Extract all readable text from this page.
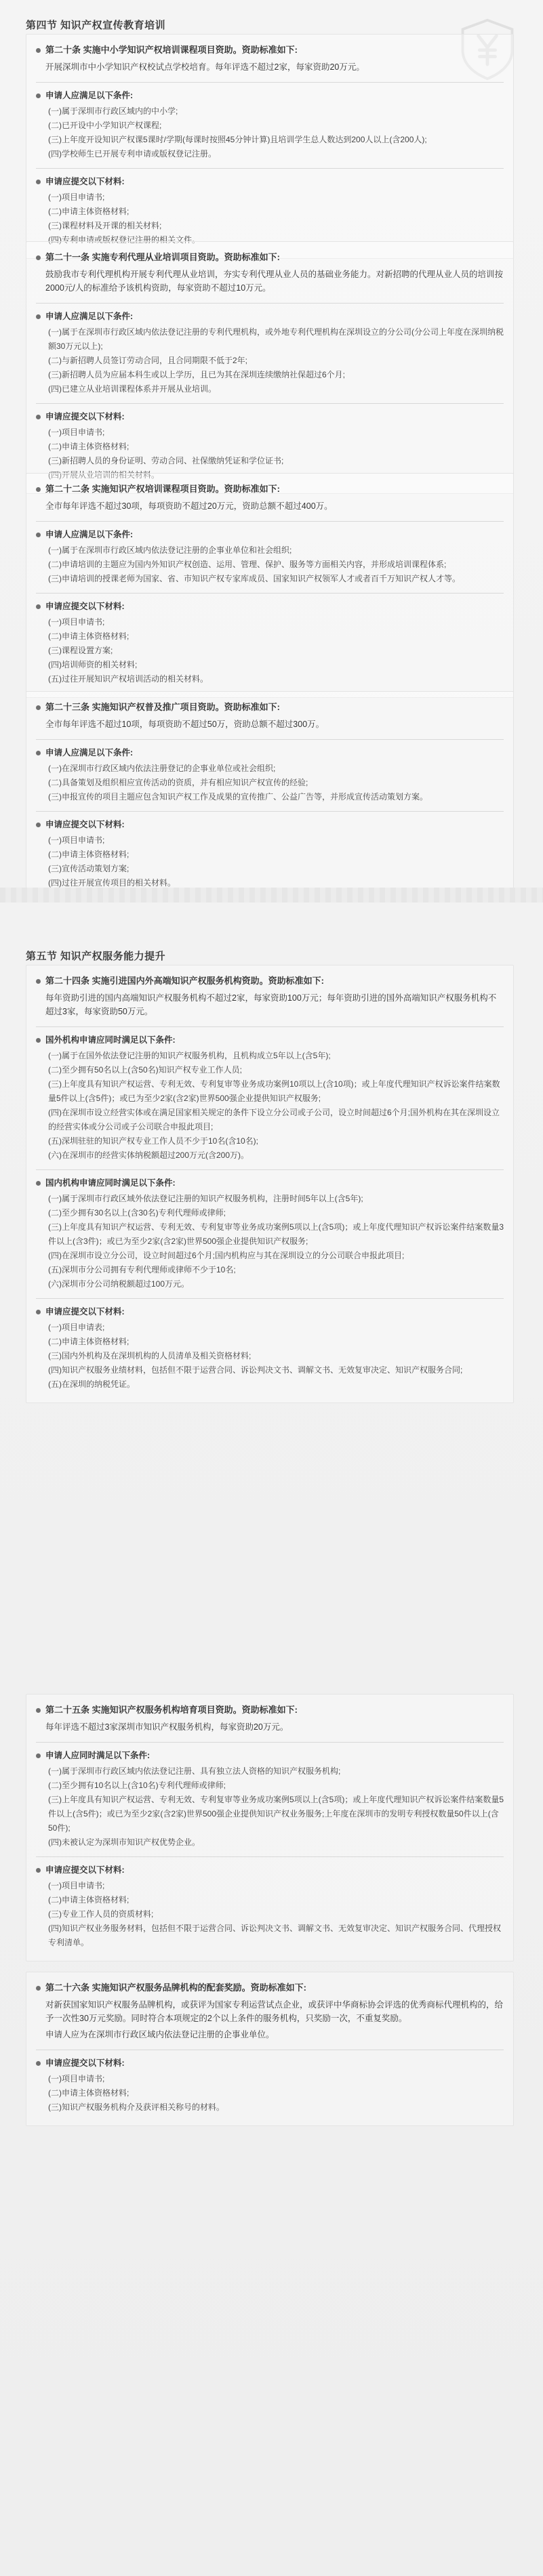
第四节 知识产权宣传教育培训
第二十条 实施中小学知识产权培训课程项目资助。资助标准如下:
开展深圳市中小学知识产权校试点学校培育。每年评选不超过2家，每家资助20万元。
申请人应满足以下条件:
(一)属于深圳市行政区域内的中小学;
(二)已开设中小学知识产权课程;
(三)上年度开设知识产权课5课时/学期(每课时按照45分钟计算)且培训学生总人数达到200人以上(含200人);
(四)学校师生已开展专利申请或版权登记注册。
申请应提交以下材料:
(一)项目申请书;
(二)申请主体资格材料;
(三)课程材料及开课的相关材料;
(四)专利申请或版权登记注册的相关文件。
第二十一条 实施专利代理从业培训项目资助。资助标准如下:
鼓励我市专利代理机构开展专利代理从业培训，夯实专利代理从业人员的基础业务能力。对新招聘的代理从业人员的培训按2000元/人的标准给予该机构资助，每家资助不超过10万元。
申请人应满足以下条件:
(一)属于在深圳市行政区域内依法登记注册的专利代理机构，或外地专利代理机构在深圳设立的分公司(分公司上年度在深圳纳税额30万元以上);
(二)与新招聘人员签订劳动合同，且合同期限不低于2年;
(三)新招聘人员为应届本科生或以上学历，且已为其在深圳连续缴纳社保超过6个月;
(四)已建立从业培训课程体系并开展从业培训。
申请应提交以下材料:
(一)项目申请书;
(二)申请主体资格材料;
(三)新招聘人员的身份证明、劳动合同、社保缴纳凭证和学位证书;
(四)开展从业培训的相关材料。
第二十二条 实施知识产权培训课程项目资助。资助标准如下:
全市每年评选不超过30项，每项资助不超过20万元，资助总额不超过400万。
申请人应满足以下条件:
(一)属于在深圳市行政区域内依法登记注册的企事业单位和社会组织;
(二)申请培训的主题应为国内外知识产权创造、运用、管理、保护、服务等方面相关内容，并形成培训课程体系;
(三)申请培训的授课老师为国家、省、市知识产权专家库成员、国家知识产权领军人才或者百千万知识产权人才等。
申请应提交以下材料:
(一)项目申请书;
(二)申请主体资格材料;
(三)课程设置方案;
(四)培训师资的相关材料;
(五)过往开展知识产权培训活动的相关材料。
第二十三条 实施知识产权普及推广项目资助。资助标准如下:
全市每年评选不超过10项，每项资助不超过50万，资助总额不超过300万。
申请人应满足以下条件:
(一)在深圳市行政区域内依法注册登记的企事业单位或社会组织;
(二)具备策划及组织相应宣传活动的资质，并有相应知识产权宣传的经验;
(三)申报宣传的项目主题应包含知识产权工作及成果的宣传推广、公益广告等，并形成宣传活动策划方案。
申请应提交以下材料:
(一)项目申请书;
(二)申请主体资格材料;
(三)宣传活动策划方案;
(四)过往开展宣传项目的相关材料。
第五节 知识产权服务能力提升
第二十四条 实施引进国内外高端知识产权服务机构资助。资助标准如下:
每年资助引进的国内高端知识产权服务机构不超过2家，每家资助100万元；每年资助引进的国外高端知识产权服务机构不超过3家，每家资助50万元。
国外机构申请应同时满足以下条件:
(一)属于在国外依法登记注册的知识产权服务机构，且机构成立5年以上(含5年);
(二)至少拥有50名以上(含50名)知识产权专业工作人员;
(三)上年度具有知识产权运营、专利无效、专利复审等业务成功案例10项以上(含10项)；或上年度代理知识产权诉讼案件结案数量5件以上(含5件)；或已为至少2家(含2家)世界500强企业提供知识产权服务;
(四)在深圳市设立经营实体或在满足国家相关规定的条件下设立分公司或子公司，设立时间超过6个月;国外机构在其在深圳设立的经营实体或分公司或子公司联合申报此项目;
(五)深圳驻驻的知识产权专业工作人员不少于10名(含10名);
(六)在深圳市的经营实体纳税额超过200万元(含200万)。
国内机构申请应同时满足以下条件:
(一)属于深圳市行政区域外依法登记注册的知识产权服务机构，注册时间5年以上(含5年);
(二)至少拥有30名以上(含30名)专利代理师或律师;
(三)上年度具有知识产权运营、专利无效、专利复审等业务成功案例5项以上(含5项)；或上年度代理知识产权诉讼案件结案数量3件以上(含3件)；或已为至少2家(含2家)世界500强企业提供知识产权服务;
(四)在深圳市设立分公司，设立时间超过6个月;国内机构应与其在深圳设立的分公司联合申报此项目;
(五)深圳市分公司拥有专利代理师或律师不少于10名;
(六)深圳市分公司纳税额超过100万元。
申请应提交以下材料:
(一)项目申请表;
(二)申请主体资格材料;
(三)国内外机构及在深圳机构的人员清单及相关资格材料;
(四)知识产权服务业绩材料，包括但不限于运营合同、诉讼判决文书、调解文书、无效复审决定、知识产权服务合同;
(五)在深圳的纳税凭证。
第二十五条 实施知识产权服务机构培育项目资助。资助标准如下:
每年评选不超过3家深圳市知识产权服务机构，每家资助20万元。
申请人应同时满足以下条件:
(一)属于深圳市行政区域内依法登记注册、具有独立法人资格的知识产权服务机构;
(二)至少拥有10名以上(含10名)专利代理师或律师;
(三)上年度具有知识产权运营、专利无效、专利复审等业务成功案例5项以上(含5项)；或上年度代理知识产权诉讼案件结案数量5件以上(含5件)；或已为至少2家(含2家)世界500强企业提供知识产权业务服务;上年度在深圳市的发明专利授权数量50件以上(含50件);
(四)未被认定为深圳市知识产权优势企业。
申请应提交以下材料:
(一)项目申请书;
(二)申请主体资格材料;
(三)专业工作人员的资质材料;
(四)知识产权业务服务材料，包括但不限于运营合同、诉讼判决文书、调解文书、无效复审决定、知识产权服务合同、代理授权专利清单。
第二十六条 实施知识产权服务品牌机构的配套奖励。资助标准如下:
对新获国家知识产权服务品牌机构，或获评为国家专利运营试点企业，或获评中华商标协会评选的优秀商标代理机构的，给予一次性30万元奖励。同时符合本项规定的2个以上条件的服务机构，只奖励一次，不重复奖励。
申请人应为在深圳市行政区域内依法登记注册的企事业单位。
申请应提交以下材料:
(一)项目申请书;
(二)申请主体资格材料;
(三)知识产权服务机构介及获评相关称号的材料。
